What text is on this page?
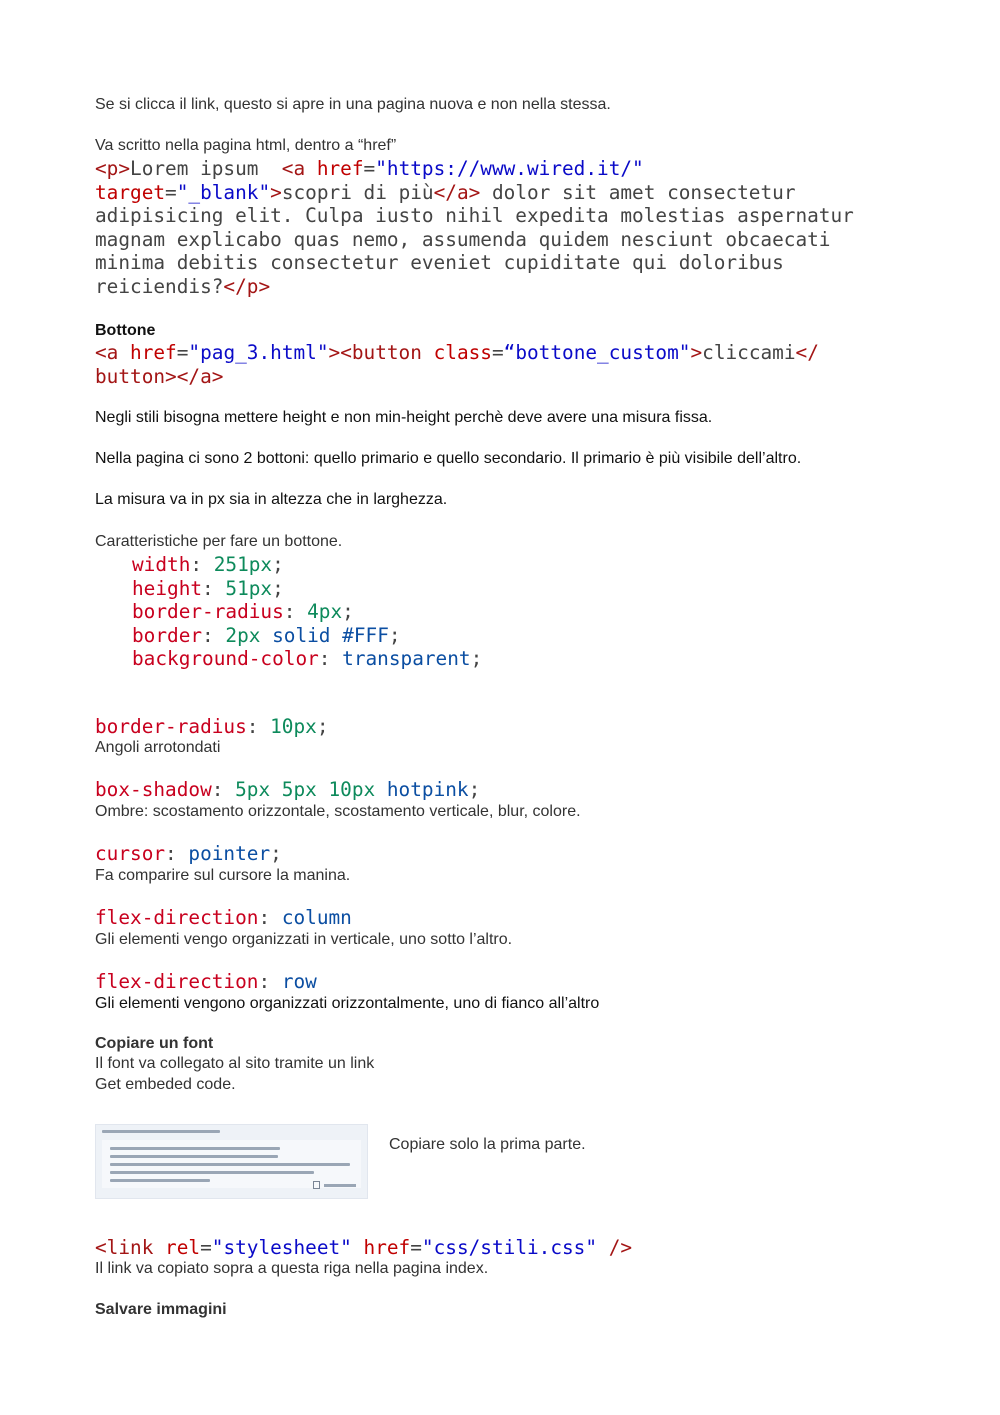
Se si clicca il link, questo si apre in una pagina nuova e non nella stessa.

Va scritto nella pagina html, dentro a “href”

<p>Lorem ipsum  <a href="https://www.wired.it/"
target="_blank">scopri di più</a> dolor sit amet consectetur
adipisicing elit. Culpa iusto nihil expedita molestias aspernatur
magnam explicabo quas nemo, assumenda quidem nesciunt obcaecati
minima debitis consectetur eveniet cupiditate qui doloribus
reiciendis?</p>

Bottone

<a href="pag_3.html"><button class=“bottone_custom">cliccami</
button></a>

Negli stili bisogna mettere height e non min-height perchè deve avere una misura fissa.

Nella pagina ci sono 2 bottoni: quello primario e quello secondario. Il primario è più visibile dell’altro.

La misura va in px sia in altezza che in larghezza.

Caratteristiche per fare un bottone.

width: 251px;
height: 51px;
border-radius: 4px;
border: 2px solid #FFF;
background-color: transparent;
border-radius: 10px;

Angoli arrotondati

box-shadow: 5px 5px 10px hotpink;

Ombre: scostamento orizzontale, scostamento verticale, blur, colore.

cursor: pointer;

Fa comparire sul cursore la manina.

flex-direction: column

Gli elementi vengo organizzati in verticale, uno sotto l’altro.

flex-direction: row

Gli elementi vengono organizzati orizzontalmente, uno di fianco all’altro

Copiare un font

Il font va collegato al sito tramite un link

Get embeded code.

Copiare solo la prima parte.

<link rel="stylesheet" href="css/stili.css" />

Il link va copiato sopra a questa riga nella pagina index.

Salvare immagini
